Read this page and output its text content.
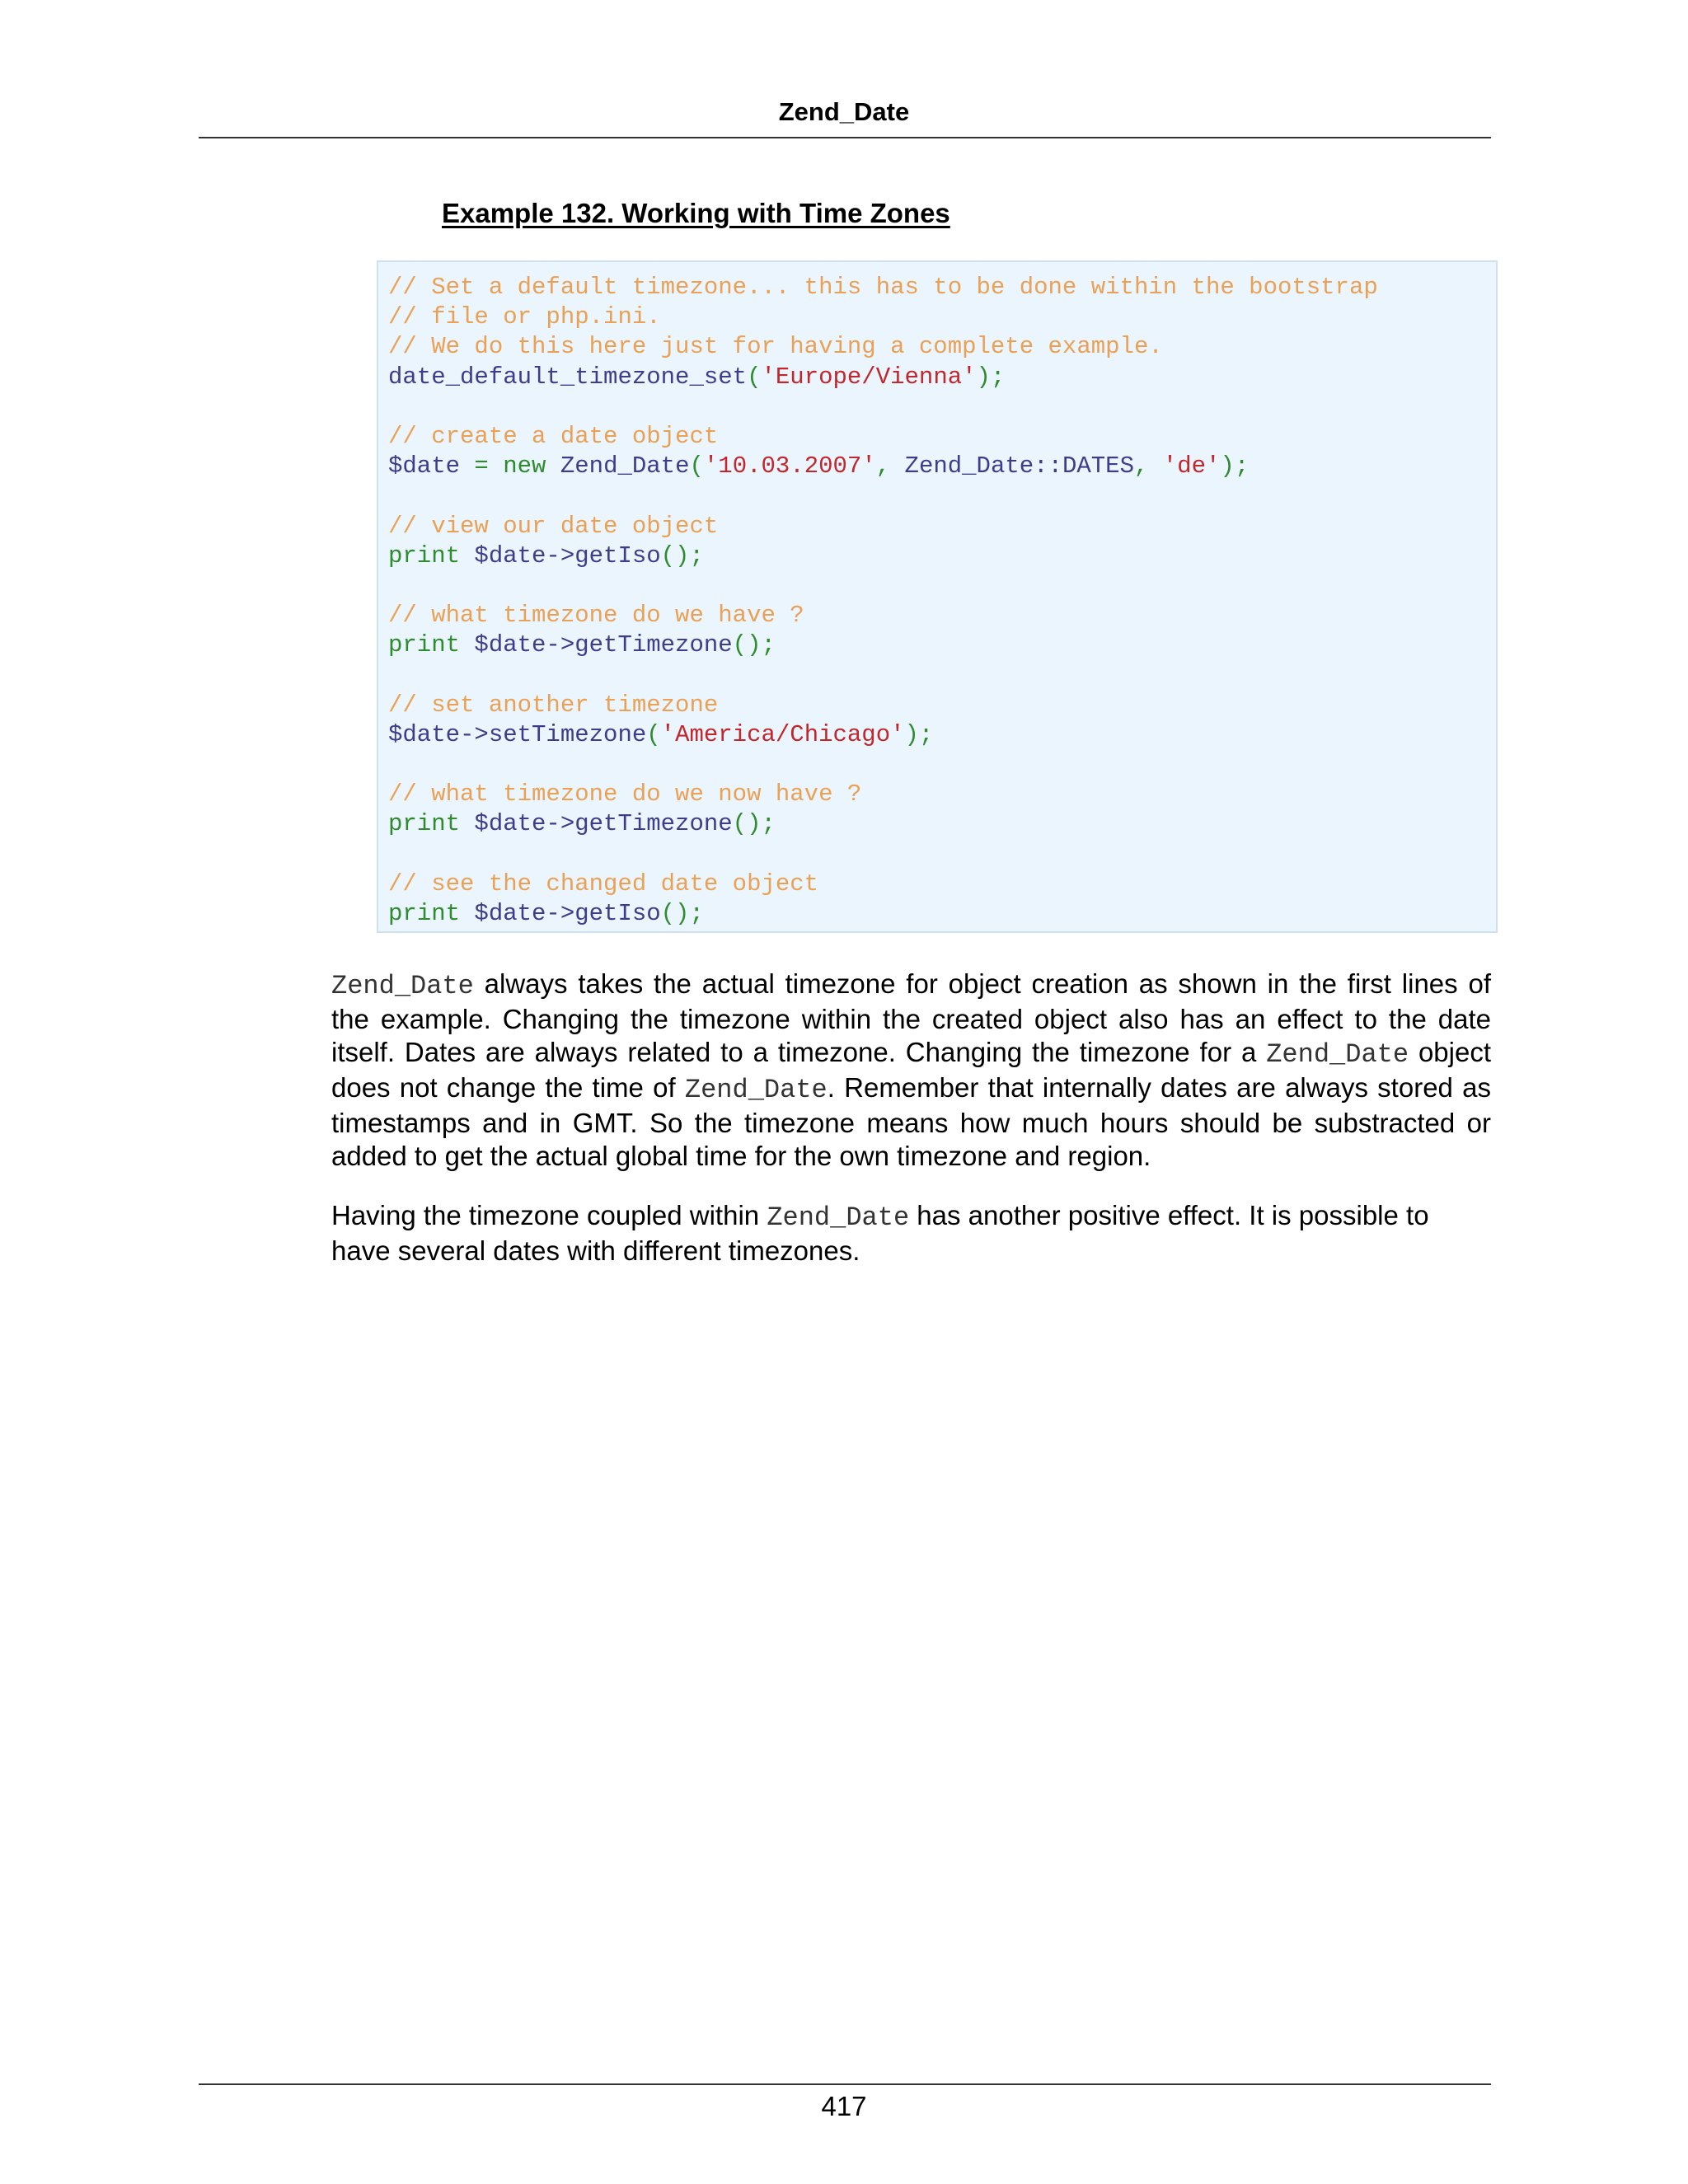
Zend_Date
Example 132. Working with Time Zones
// Set a default timezone... this has to be done within the bootstrap
// file or php.ini.
// We do this here just for having a complete example.
date_default_timezone_set('Europe/Vienna');
// create a date object
$date = new Zend_Date('10.03.2007', Zend_Date::DATES, 'de');
// view our date object
print $date->getIso();
// what timezone do we have ?
print $date->getTimezone();
// set another timezone
$date->setTimezone('America/Chicago');
// what timezone do we now have ?
print $date->getTimezone();
// see the changed date object
print $date->getIso();

Zend_Date always takes the actual timezone for object creation as shown in the first lines of the example. Changing the timezone within the created object also has an effect to the date itself. Dates are always related to a timezone. Changing the timezone for a Zend_Date object does not change the time of Zend_Date. Remember that internally dates are always stored as timestamps and in GMT. So the timezone means how much hours should be substracted or added to get the actual global time for the own timezone and region.

Having the timezone coupled within Zend_Date has another positive effect. It is possible to have several dates with different timezones.

417
